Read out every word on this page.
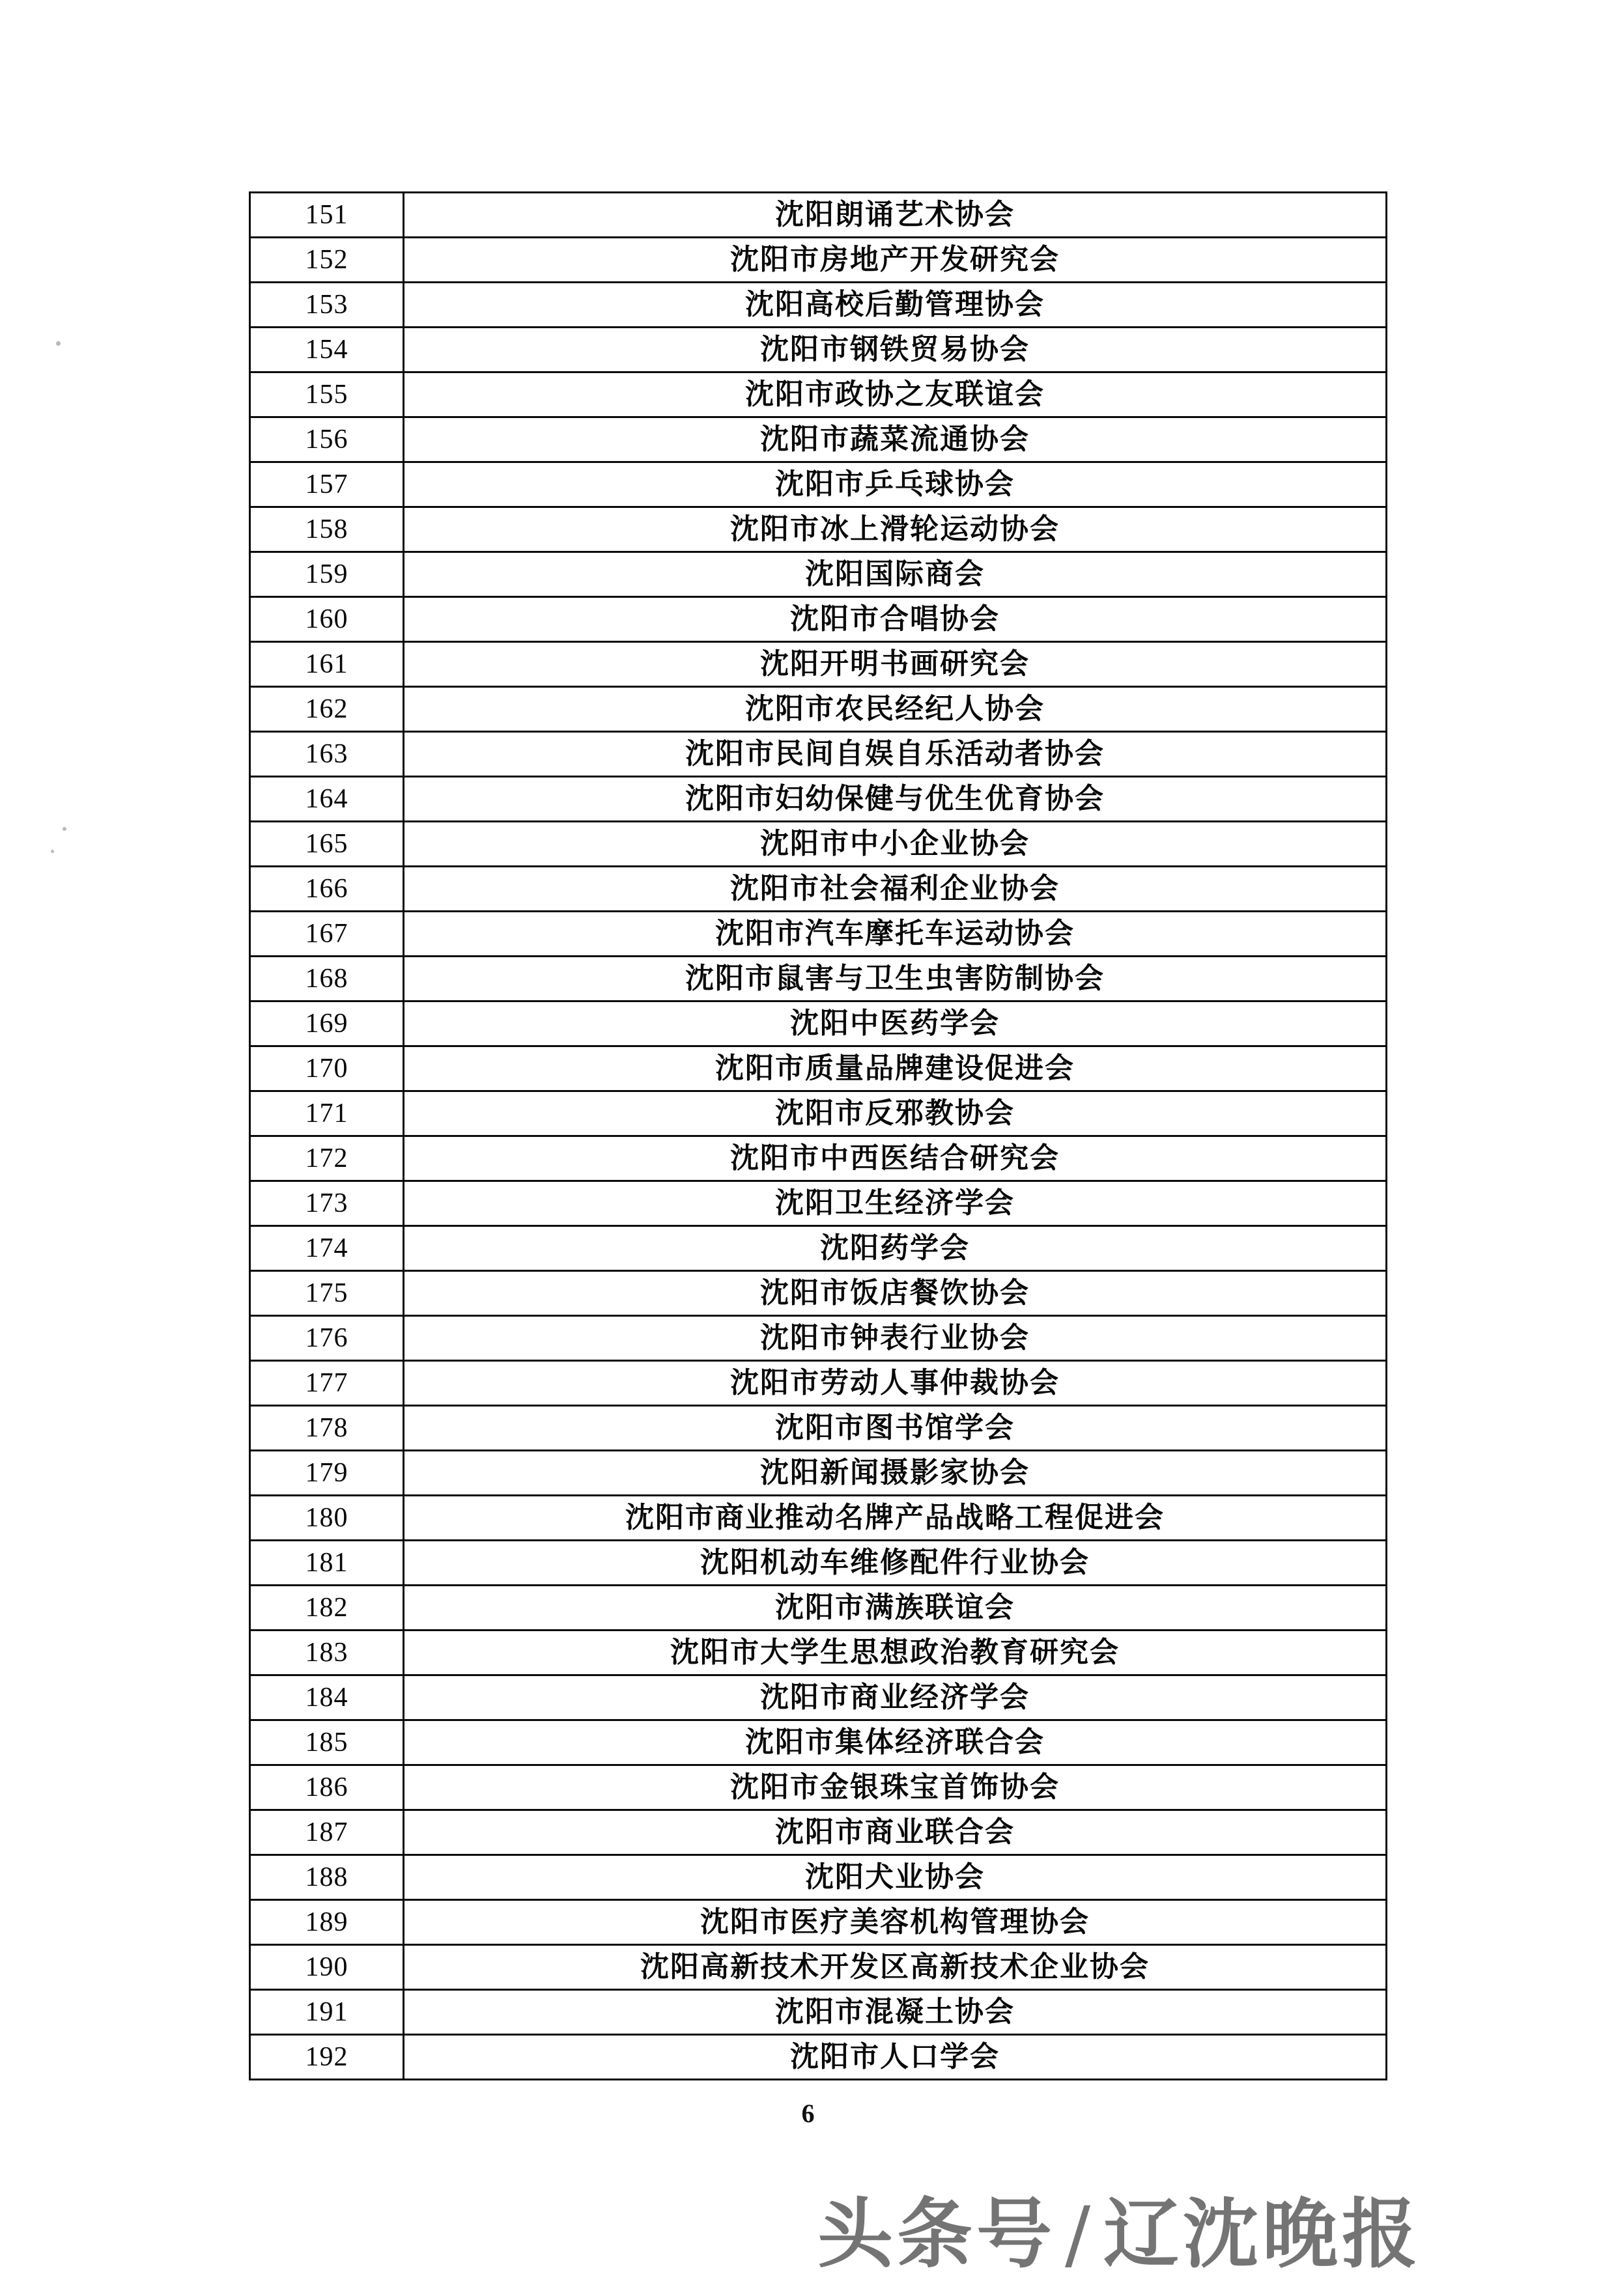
151	沈阳朗诵艺术协会
152	沈阳市房地产开发研究会
153	沈阳高校后勤管理协会
154	沈阳市钢铁贸易协会
155	沈阳市政协之友联谊会
156	沈阳市蔬菜流通协会
157	沈阳市乒乓球协会
158	沈阳市冰上滑轮运动协会
159	沈阳国际商会
160	沈阳市合唱协会
161	沈阳开明书画研究会
162	沈阳市农民经纪人协会
163	沈阳市民间自娱自乐活动者协会
164	沈阳市妇幼保健与优生优育协会
165	沈阳市中小企业协会
166	沈阳市社会福利企业协会
167	沈阳市汽车摩托车运动协会
168	沈阳市鼠害与卫生虫害防制协会
169	沈阳中医药学会
170	沈阳市质量品牌建设促进会
171	沈阳市反邪教协会
172	沈阳市中西医结合研究会
173	沈阳卫生经济学会
174	沈阳药学会
175	沈阳市饭店餐饮协会
176	沈阳市钟表行业协会
177	沈阳市劳动人事仲裁协会
178	沈阳市图书馆学会
179	沈阳新闻摄影家协会
180	沈阳市商业推动名牌产品战略工程促进会
181	沈阳机动车维修配件行业协会
182	沈阳市满族联谊会
183	沈阳市大学生思想政治教育研究会
184	沈阳市商业经济学会
185	沈阳市集体经济联合会
186	沈阳市金银珠宝首饰协会
187	沈阳市商业联合会
188	沈阳犬业协会
189	沈阳市医疗美容机构管理协会
190	沈阳高新技术开发区高新技术企业协会
191	沈阳市混凝土协会
192	沈阳市人口学会
6
头条号 / 辽沈晚报
